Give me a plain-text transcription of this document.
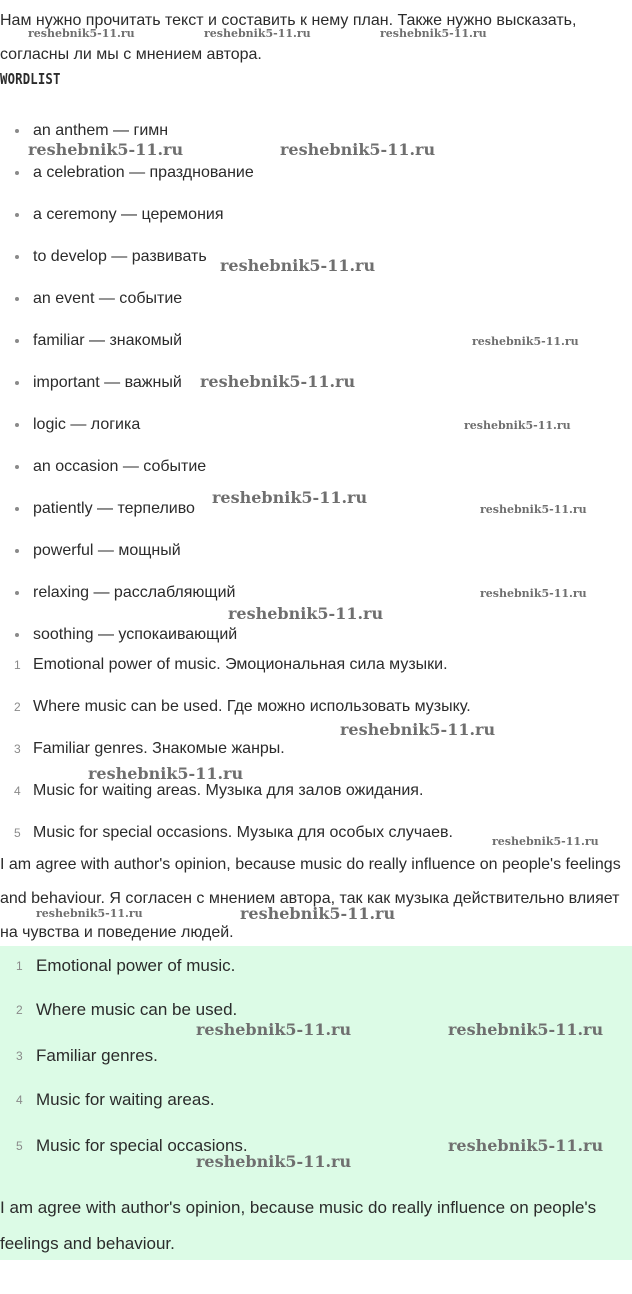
Нам нужно прочитать текст и составить к нему план. Также нужно высказать, согласны ли мы с мнением автора.
WORDLIST
an anthem — гимн
a celebration — празднование
a ceremony — церемония
to develop — развивать
an event — событие
familiar — знакомый
important — важный
logic — логика
an occasion — событие
patiently — терпеливо
powerful — мощный
relaxing — расслабляющий
soothing — успокаивающий
1 Emotional power of music. Эмоциональная сила музыки.
2 Where music can be used. Где можно использовать музыку.
3 Familiar genres. Знакомые жанры.
4 Music for waiting areas. Музыка для залов ожидания.
5 Music for special occasions. Музыка для особых случаев.
I am agree with author's opinion, because music do really influence on people's feelings and behaviour. Я согласен с мнением автора, так как музыка действительно влияет на чувства и поведение людей.
1 Emotional power of music.
2 Where music can be used.
3 Familiar genres.
4 Music for waiting areas.
5 Music for special occasions.
I am agree with author's opinion, because music do really influence on people's feelings and behaviour.
reshebnik5-11.ru	reshebnik5-11.ru	reshebnik5-11.ru
reshebnik5-11.ru	reshebnik5-11.ru
reshebnik5-11.ru
reshebnik5-11.ru
reshebnik5-11.ru
reshebnik5-11.ru
reshebnik5-11.ru
reshebnik5-11.ru
reshebnik5-11.ru
reshebnik5-11.ru
reshebnik5-11.ru
reshebnik5-11.ru
reshebnik5-11.ru
reshebnik5-11.ru	reshebnik5-11.ru
reshebnik5-11.ru	reshebnik5-11.ru
reshebnik5-11.ru
reshebnik5-11.ru
